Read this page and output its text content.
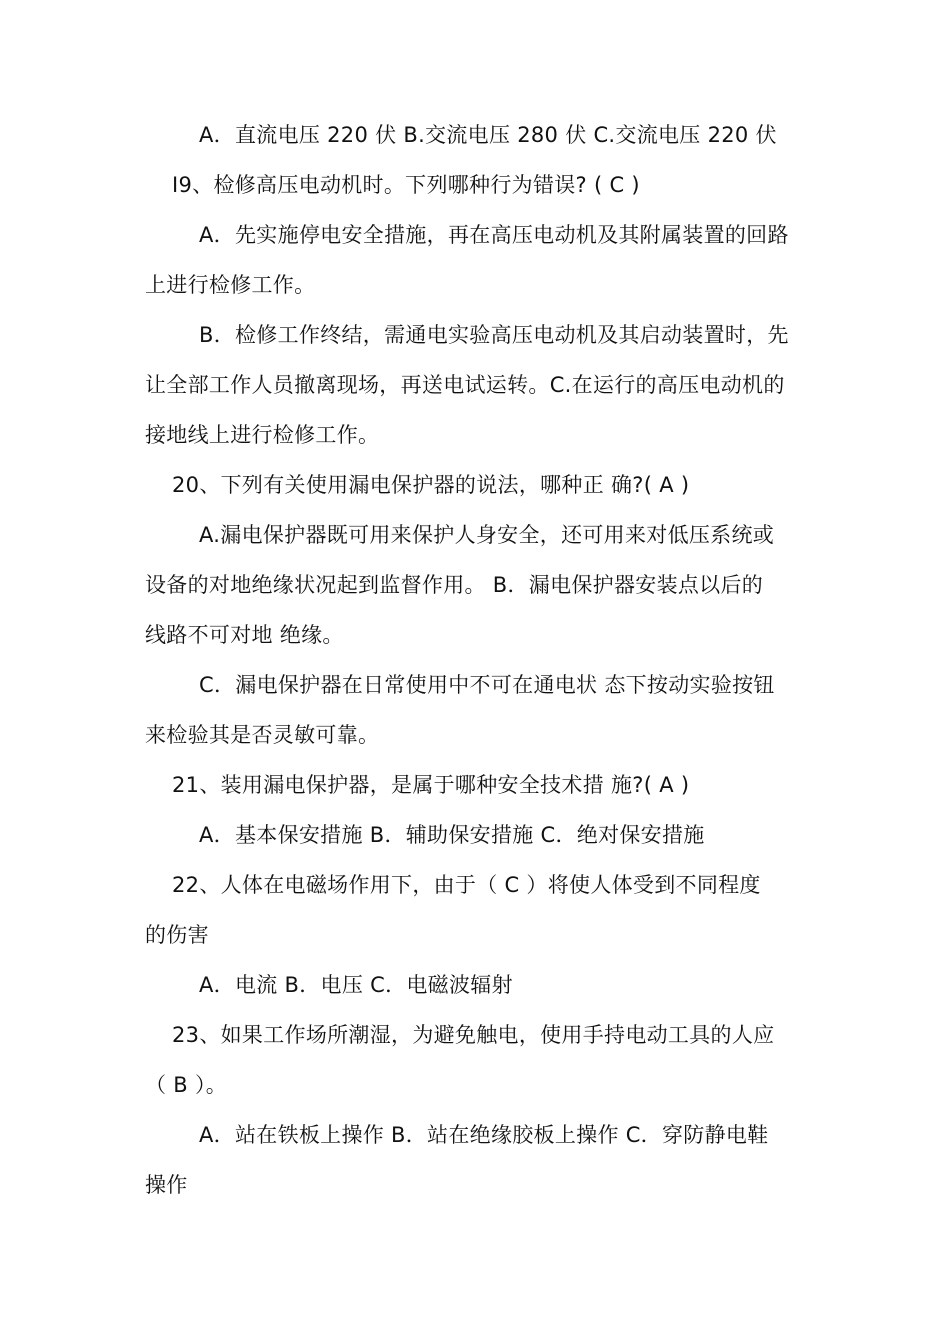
A．直流电压 220 伏 B.交流电压 280 伏 C.交流电压 220 伏
I9、检修高压电动机时。下列哪种行为错误? ( C )
A．先实施停电安全措施，再在高压电动机及其附属装置的回路
上进行检修工作。
B．检修工作终结，需通电实验高压电动机及其启动装置时，先
让全部工作人员撤离现场，再送电试运转。C.在运行的高压电动机的
接地线上进行检修工作。
20、下列有关使用漏电保护器的说法，哪种正 确?( A )
A.漏电保护器既可用来保护人身安全，还可用来对低压系统或
设备的对地绝缘状况起到监督作用。 B．漏电保护器安装点以后的
线路不可对地 绝缘。
C．漏电保护器在日常使用中不可在通电状 态下按动实验按钮
来检验其是否灵敏可靠。
21、装用漏电保护器，是属于哪种安全技术措 施?( A )
A．基本保安措施 B．辅助保安措施 C．绝对保安措施
22、人体在电磁场作用下，由于（ C ）将使人体受到不同程度
的伤害
A．电流 B．电压 C．电磁波辐射
23、如果工作场所潮湿，为避免触电，使用手持电动工具的人应
（ B ）。
A．站在铁板上操作 B．站在绝缘胶板上操作 C．穿防静电鞋
操作
